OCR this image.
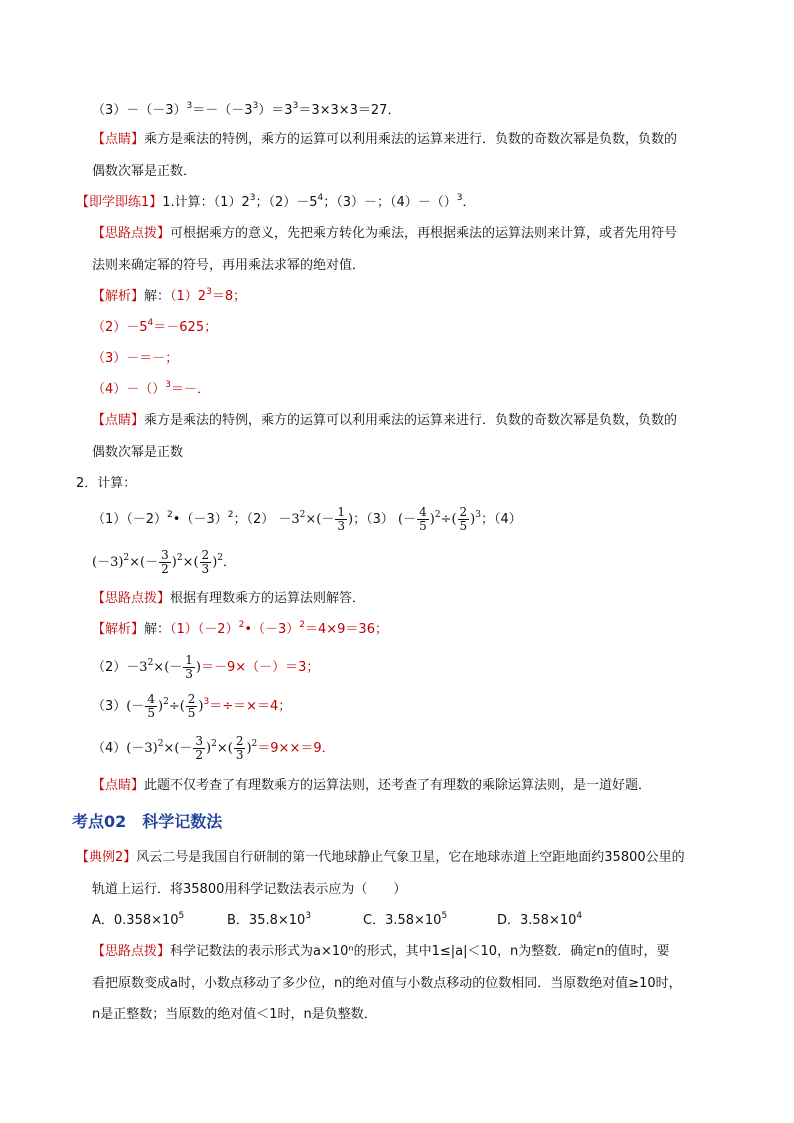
$(3)-(-3)^3=-(-3^3)=3^3=3\times 3\times 3=27$．
【点睛】乘方是乘法的特例，乘方的运算可以利用乘法的运算来进行．负数的奇数次幂是负数，负数的
偶数次幂是正数．
【即学即练1】1.计算：$(1)2^3$；$(2)-5^4$；（3）－；（4）－（）$^3$．
【思路点拨】可根据乘方的意义，先把乘方转化为乘法，再根据乘法的运算法则来计算，或者先用符号
法则来确定幂的符号，再用乘法求幂的绝对值．
【解析】解：$(1)2^3=8$；
$(2)-5^4=-625$；
（3）－＝－；
（4）－（）$^3$＝－．
【点睛】乘方是乘法的特例，乘方的运算可以利用乘法的运算来进行．负数的奇数次幂是负数，负数的
偶数次幂是正数
2．计算：
$(1)(-2)^2•(-3)^2$；$(2) -3^2\times(- \frac{1}{3}$ )；（3） (－ $\frac{4}{5} )^2\div( \frac{2}{5} )^3$；（4）
$(-3)^2\times(- \frac{3}{2} )^2\times( \frac{2}{3} )^2$．
【思路点拨】根据有理数乘方的运算法则解答．
【解析】解：$(1)(-2)^2•(-3)^2=4\times 9=36$；
$(2)-3^2\times(- \frac{1}{3} )=-9\times(-)=3$；
$(3)(- \frac{4}{5} )^2\div( \frac{2}{5} )^3=\div=\times=4$；
$(4)(-3)^2\times(- \frac{3}{2} )^2\times( \frac{2}{3} )^2=9\times\times=9$．
【点睛】此题不仅考查了有理数乘方的运算法则，还考查了有理数的乘除运算法则，是一道好题．
考点02　科学记数法
【典例2】风云二号是我国自行研制的第一代地球静止气象卫星，它在地球赤道上空距地面约35800公里的
轨道上运行．将35800用科学记数法表示应为（　　）
A．$0.358\times 10^5$	B．$35.8\times 10^3$	C．$3.58\times 10^5$	D．$3.58\times 10^4$
【思路点拨】科学记数法的表示形式为a×10ⁿ的形式，其中1≤|a|＜10，n为整数．确定n的值时，要
看把原数变成a时，小数点移动了多少位，n的绝对值与小数点移动的位数相同．当原数绝对值≥10时，
n是正整数；当原数的绝对值＜1时，n是负整数．
